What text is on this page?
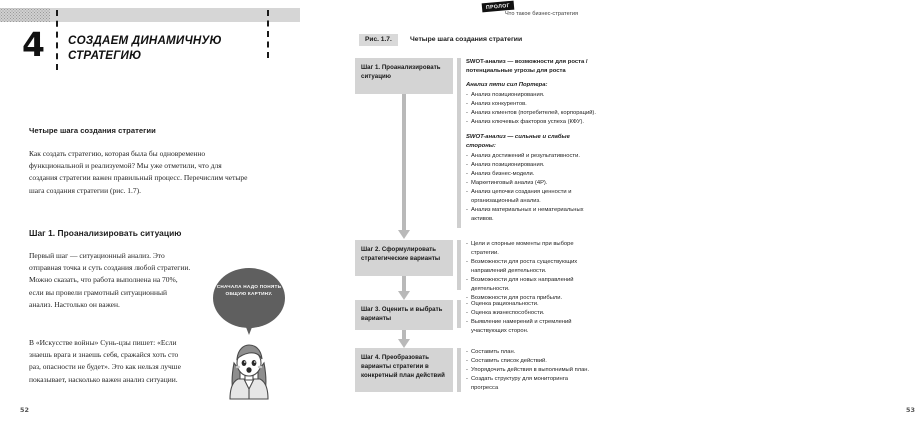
4 СОЗДАЕМ ДИНАМИЧНУЮ СТРАТЕГИЮ
Четыре шага создания стратегии
Как создать стратегию, которая была бы одновременно функциональной и реализуемой? Мы уже отметили, что для создания стратегии важен правильный процесс. Перечислим четыре шага создания стратегии (рис. 1.7).
Шаг 1. Проанализировать ситуацию
Первый шаг — ситуационный анализ. Это отправная точка и суть создания любой стратегии. Можно сказать, что работа выполнена на 70%, если вы провели грамотный ситуационный анализ. Настолько он важен.
В «Искусстве войны» Сунь-цзы пишет: «Если знаешь врага и знаешь себя, сражайся хоть сто раз, опасности не будет». Это как нельзя лучше показывает, насколько важен анализ ситуации.
СНАЧАЛА НАДО ПОНЯТЬ ОБЩУЮ КАРТИНУ.
52
ПРОЛОГ
Что такое бизнес-стратегия
Рис. 1.7.	Четыре шага создания стратегии
Шаг 1. Проанализировать ситуацию
Шаг 2. Сформулировать стратегические варианты
Шаг 3. Оценить и выбрать варианты
Шаг 4. Преобразовать варианты стратегии в конкретный план действий
SWOT-анализ — возможности для роста / потенциальные угрозы для роста
Анализ пяти сил Портера:
- Анализ позиционирования.
- Анализ конкурентов.
- Анализ клиентов (потребителей, корпораций).
- Анализ ключевых факторов успеха (КФУ).
SWOT-анализ — сильные и слабые стороны:
- Анализ достижений и результативности.
- Анализ позиционирования.
- Анализ бизнес-модели.
- Маркетинговый анализ (4P).
- Анализ цепочки создания ценности и организационный анализ.
- Анализ материальных и нематериальных активов.
- Цели и спорные моменты при выборе стратегии.
- Возможности для роста существующих направлений деятельности.
- Возможности для новых направлений деятельности.
- Возможности для роста прибыли.
- Оценка рациональности.
- Оценка жизнеспособности.
- Выявление намерений и стремлений участвующих сторон.
- Составить план.
- Составить список действий.
- Упорядочить действия в выполнимый план.
- Создать структуру для мониторинга прогресса
53
